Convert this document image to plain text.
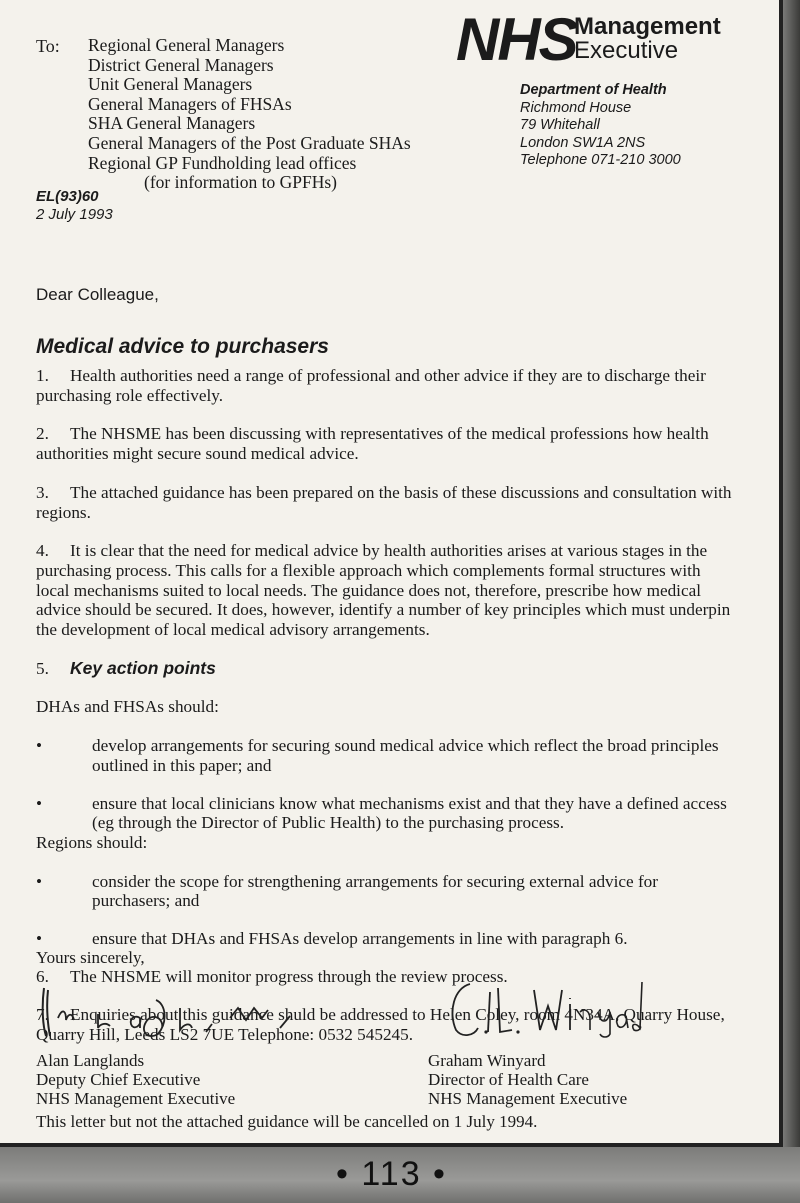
To: Regional General Managers
District General Managers
Unit General Managers
General Managers of FHSAs
SHA General Managers
General Managers of the Post Graduate SHAs
Regional GP Fundholding lead offices
(for information to GPFHs)
NHS
Management
Executive
Department of Health
Richmond House
79 Whitehall
London SW1A 2NS
Telephone 071-210 3000
EL(93)60
2 July 1993
Dear Colleague,
Medical advice to purchasers

1. Health authorities need a range of professional and other advice if they are to discharge their purchasing role effectively.

2. The NHSME has been discussing with representatives of the medical professions how health authorities might secure sound medical advice.

3. The attached guidance has been prepared on the basis of these discussions and consultation with regions.

4. It is clear that the need for medical advice by health authorities arises at various stages in the purchasing process. This calls for a flexible approach which complements formal structures with local mechanisms suited to local needs. The guidance does not, therefore, prescribe how medical advice should be secured. It does, however, identify a number of key principles which must underpin the development of local medical advisory arrangements.

5. Key action points

DHAs and FHSAs should:

•	develop arrangements for securing sound medical advice which reflect the broad principles outlined in this paper; and
•	ensure that local clinicians know what mechanisms exist and that they have a defined access (eg through the Director of Public Health) to the purchasing process.

Regions should:

•	consider the scope for strengthening arrangements for securing external advice for purchasers; and
•	ensure that DHAs and FHSAs develop arrangements in line with paragraph 6.

6. The NHSME will monitor progress through the review process.

7. Enquiries about this guidance shuld be addressed to Helen Coley, room 4N34A, Quarry House, Quarry Hill, Leeds LS2 7UE Telephone: 0532 545245.

Yours sincerely,
Alan Langlands
Deputy Chief Executive
NHS Management Executive
Graham Winyard
Director of Health Care
NHS Management Executive
This letter but not the attached guidance will be cancelled on 1 July 1994.
• 113 •
